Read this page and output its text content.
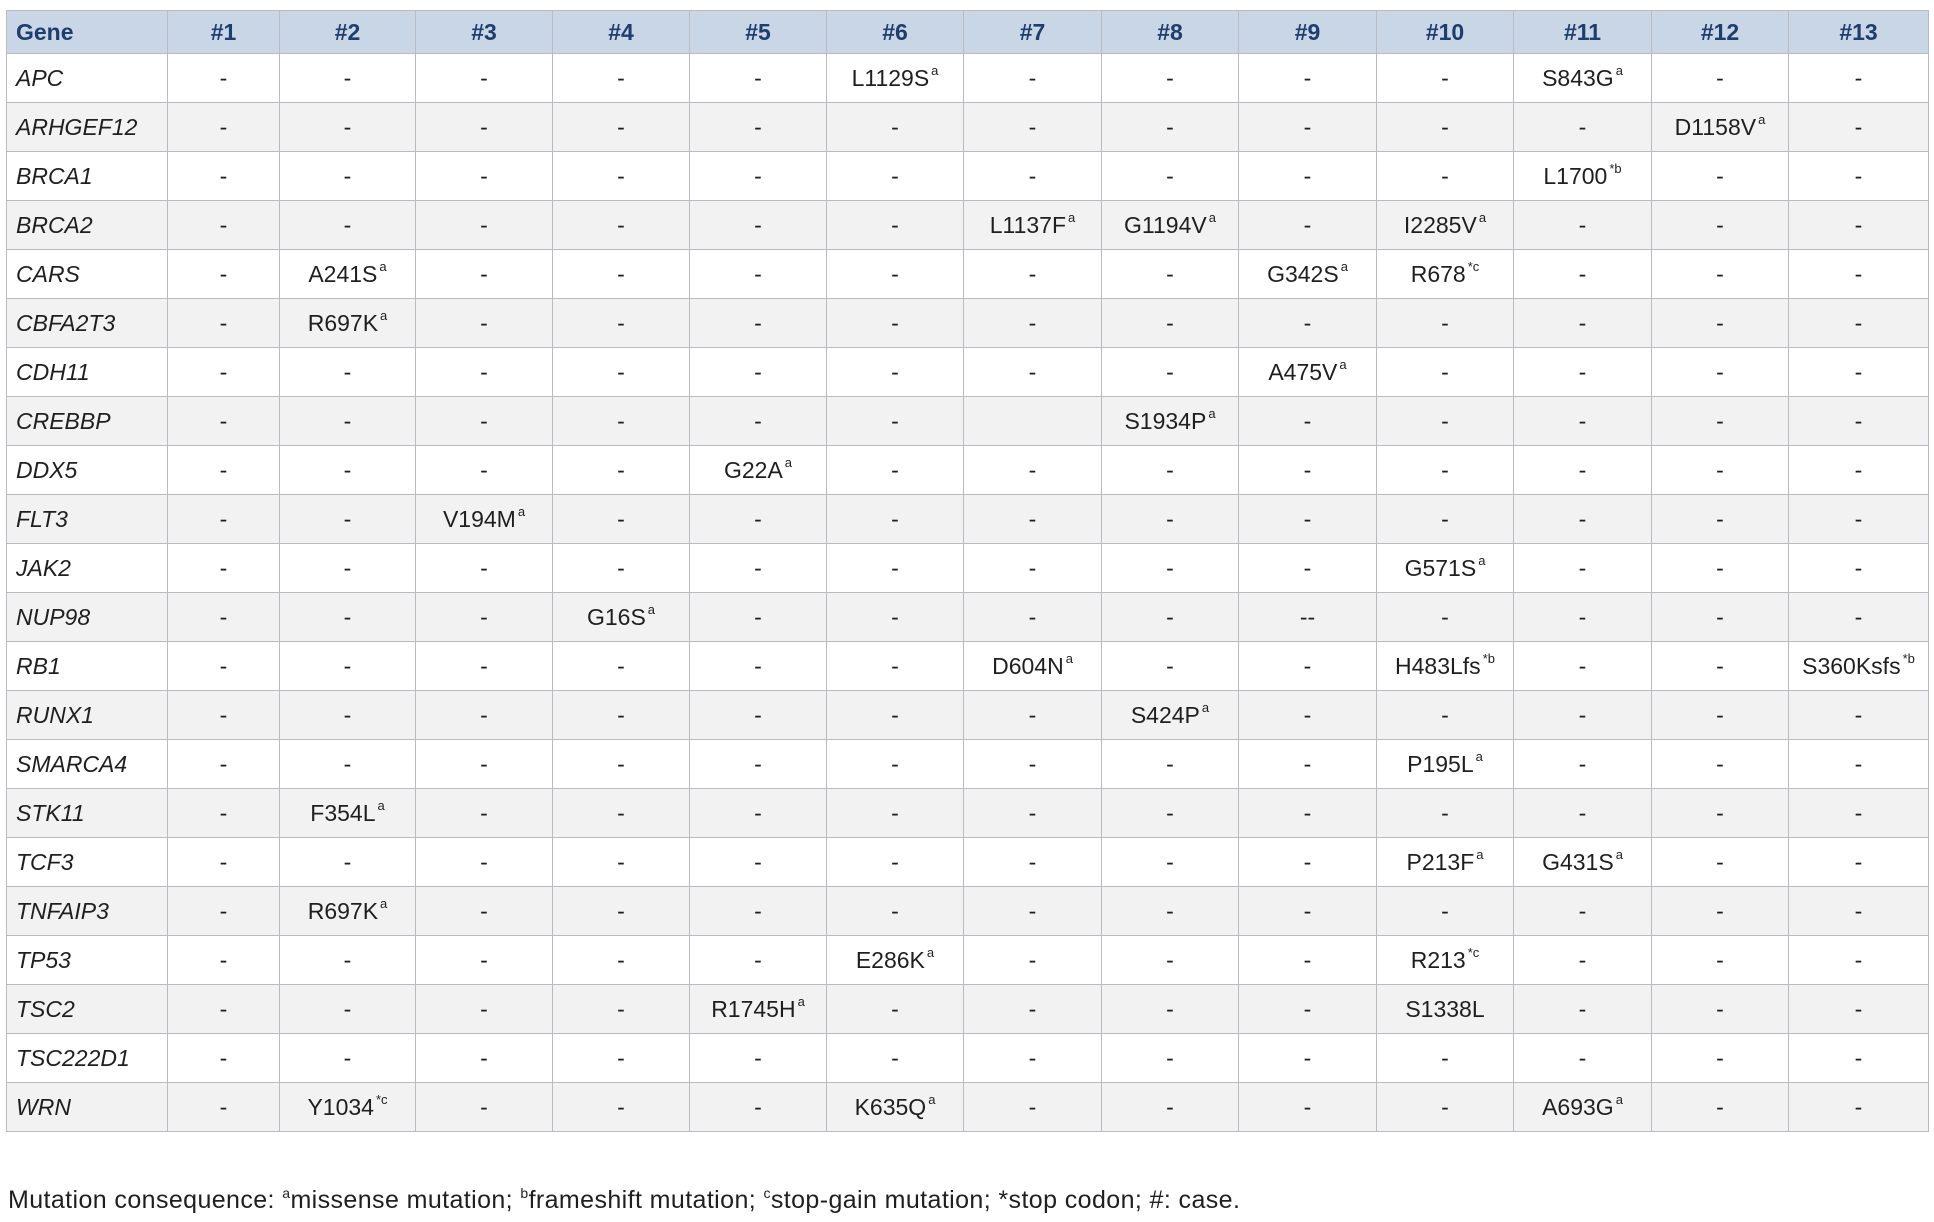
Gene	#1	#2	#3	#4	#5	#6	#7	#8	#9	#10	#11	#12	#13
APC	-	-	-	-	-	L1129S $^a$	-	-	-	-	S843G $^a$	-	-
ARHGEF12	-	-	-	-	-	-	-	-	-	-	-	D1158V $^a$	-
BRCA1	-	-	-	-	-	-	-	-	-	-	L1700 $^{*b}$	-	-
BRCA2	-	-	-	-	-	-	L1137F $^a$	G1194V $^a$	-	I2285V $^a$	-	-	-
CARS	-	A241S $^a$	-	-	-	-	-	-	G342S $^a$	R678 $^{*c}$	-	-	-
CBFA2T3	-	R697K $^a$	-	-	-	-	-	-	-	-	-	-	-
CDH11	-	-	-	-	-	-	-	-	A475V $^a$	-	-	-	-
CREBBP	-	-	-	-	-	-		S1934P $^a$	-	-	-	-	-
DDX5	-	-	-	-	G22A $^a$	-	-	-	-	-	-	-	-
FLT3	-	-	V194M $^a$	-	-	-	-	-	-	-	-	-	-
JAK2	-	-	-	-	-	-	-	-	-	G571S $^a$	-	-	-
NUP98	-	-	-	G16S $^a$	-	-	-	-	--	-	-	-	-
RB1	-	-	-	-	-	-	D604N $^a$	-	-	H483Lfs $^{*b}$	-	-	S360Ksfs $^{*b}$
RUNX1	-	-	-	-	-	-	-	S424P $^a$	-	-	-	-	-
SMARCA4	-	-	-	-	-	-	-	-	-	P195L $^a$	-	-	-
STK11	-	F354L $^a$	-	-	-	-	-	-	-	-	-	-	-
TCF3	-	-	-	-	-	-	-	-	-	P213F $^a$	G431S $^a$	-	-
TNFAIP3	-	R697K $^a$	-	-	-	-	-	-	-	-	-	-	-
TP53	-	-	-	-	-	E286K $^a$	-	-	-	R213 $^{*c}$	-	-	-
TSC2	-	-	-	-	R1745H $^a$	-	-	-	-	S1338L	-	-	-
TSC222D1	-	-	-	-	-	-	-	-	-	-	-	-	-
WRN	-	Y1034 $^{*c}$	-	-	-	K635Q $^a$	-	-	-	-	A693G $^a$	-	-
Mutation consequence: $^a$missense mutation; $^b$frameshift mutation; $^c$stop-gain mutation; *stop codon; #: case.
